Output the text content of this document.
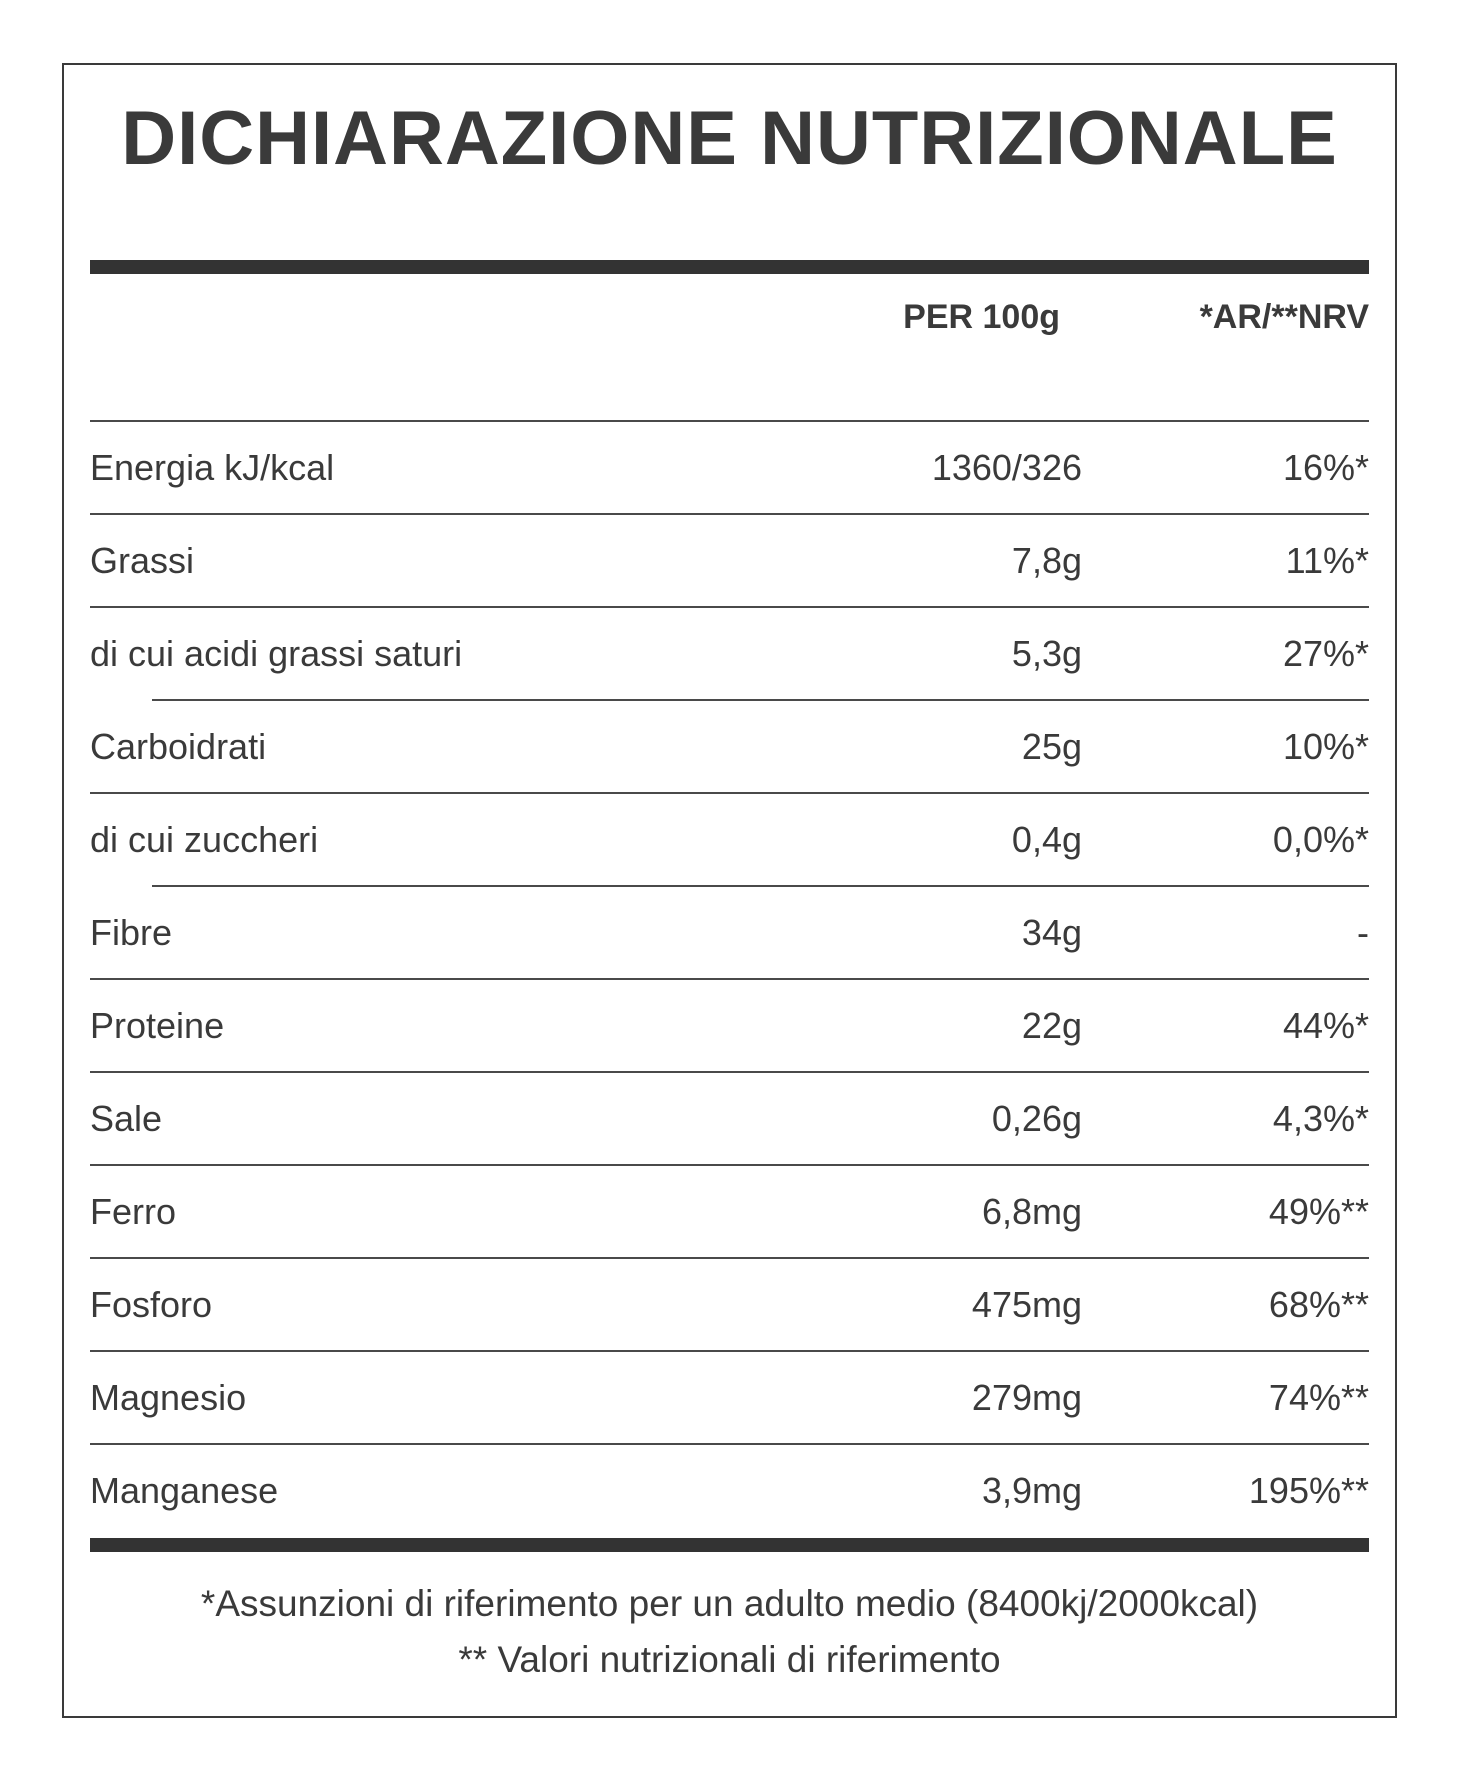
DICHIARAZIONE NUTRIZIONALE
PER 100g	*AR/**NRV
Energia kJ/kcal	1360/326	16%*
Grassi	7,8g	11%*
di cui acidi grassi saturi	5,3g	27%*
Carboidrati	25g	10%*
di cui zuccheri	0,4g	0,0%*
Fibre	34g	-
Proteine	22g	44%*
Sale	0,26g	4,3%*
Ferro	6,8mg	49%**
Fosforo	475mg	68%**
Magnesio	279mg	74%**
Manganese	3,9mg	195%**
*Assunzioni di riferimento per un adulto medio (8400kj/2000kcal)
** Valori nutrizionali di riferimento
